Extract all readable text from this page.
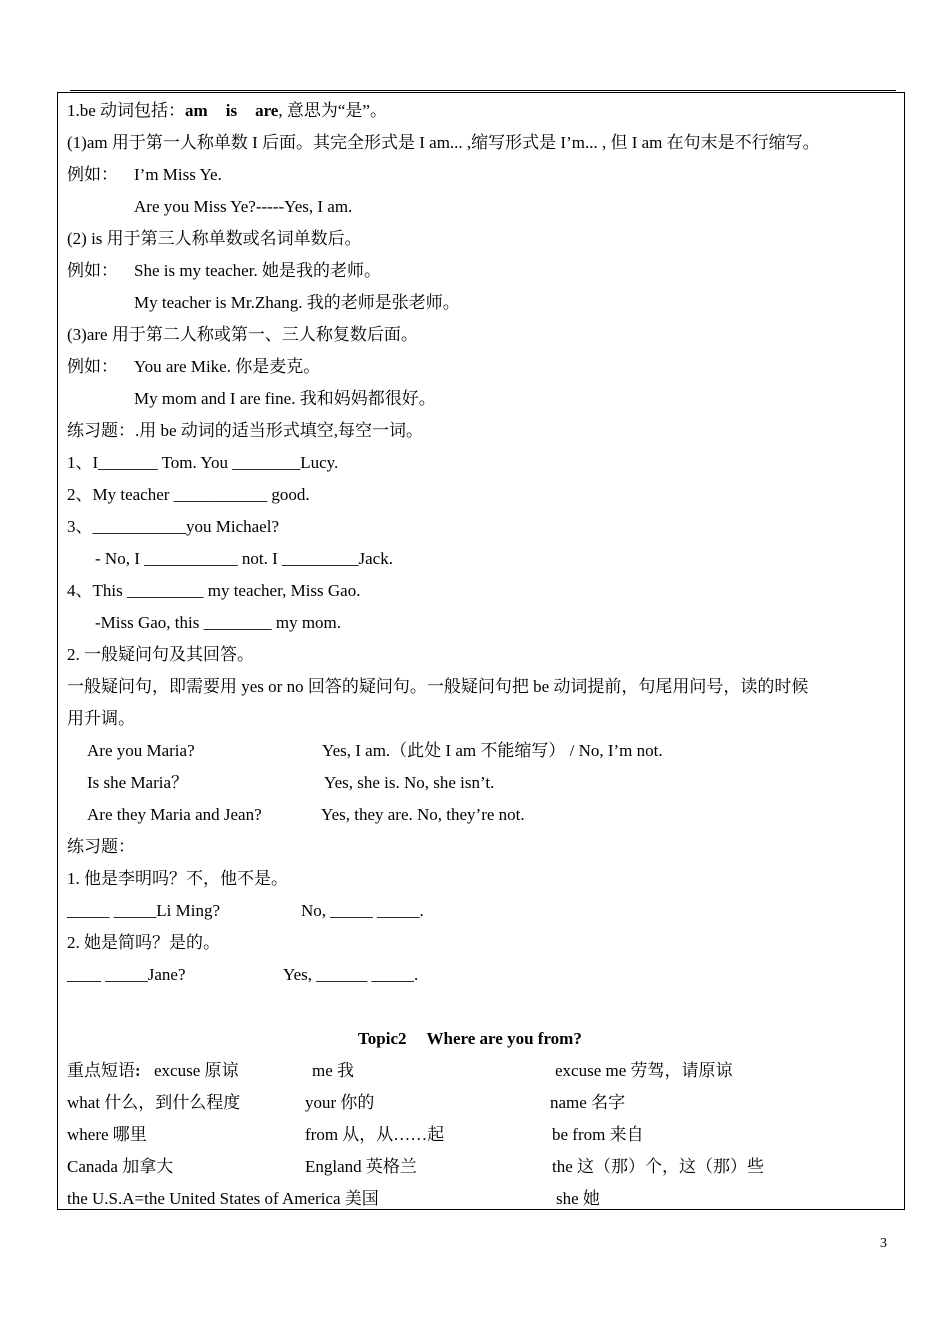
1.be 动词包括：am is are, 意思为“是”。
(1)am 用于第一人称单数 I 后面。其完全形式是 I am... ,缩写形式是 I’m... , 但 I am 在句末是不行缩写。
例如： I’m Miss Ye.
Are you Miss Ye?-----Yes, I am.
(2) is 用于第三人称单数或名词单数后。
例如： She is my teacher. 她是我的老师。
My teacher is Mr.Zhang. 我的老师是张老师。
(3)are 用于第二人称或第一、三人称复数后面。
例如： You are Mike. 你是麦克。
My mom and I are fine. 我和妈妈都很好。
练习题：.用 be 动词的适当形式填空,每空一词。
1、I_______ Tom. You ________Lucy.
2、My teacher ___________ good.
3、___________you Michael?
- No, I ___________ not. I _________Jack.
4、This _________ my teacher, Miss Gao.
-Miss Gao, this ________ my mom.
2. 一般疑问句及其回答。
一般疑问句，即需要用 yes or no 回答的疑问句。一般疑问句把 be 动词提前，句尾用问号，读的时候
用升调。
Are you Maria?	Yes, I am.（此处 I am 不能缩写） / No, I’m not.
Is she Maria？	Yes, she is. No, she isn’t.
Are they Maria and Jean?	Yes, they are. No, they’re not.
练习题：
1. 他是李明吗？不，他不是。
_____ _____Li Ming?	No, _____ _____.
2. 她是简吗？是的。
____ _____Jane?	Yes, ______ _____.
Topic2 Where are you from?
重点短语: excuse 原谅	me 我	excuse me 劳驾，请原谅
what 什么，到什么程度	your 你的	name 名字
where 哪里	from 从，从……起	be from 来自
Canada 加拿大	England 英格兰	the 这（那）个，这（那）些
the U.S.A=the United States of America 美国	she 她
3
